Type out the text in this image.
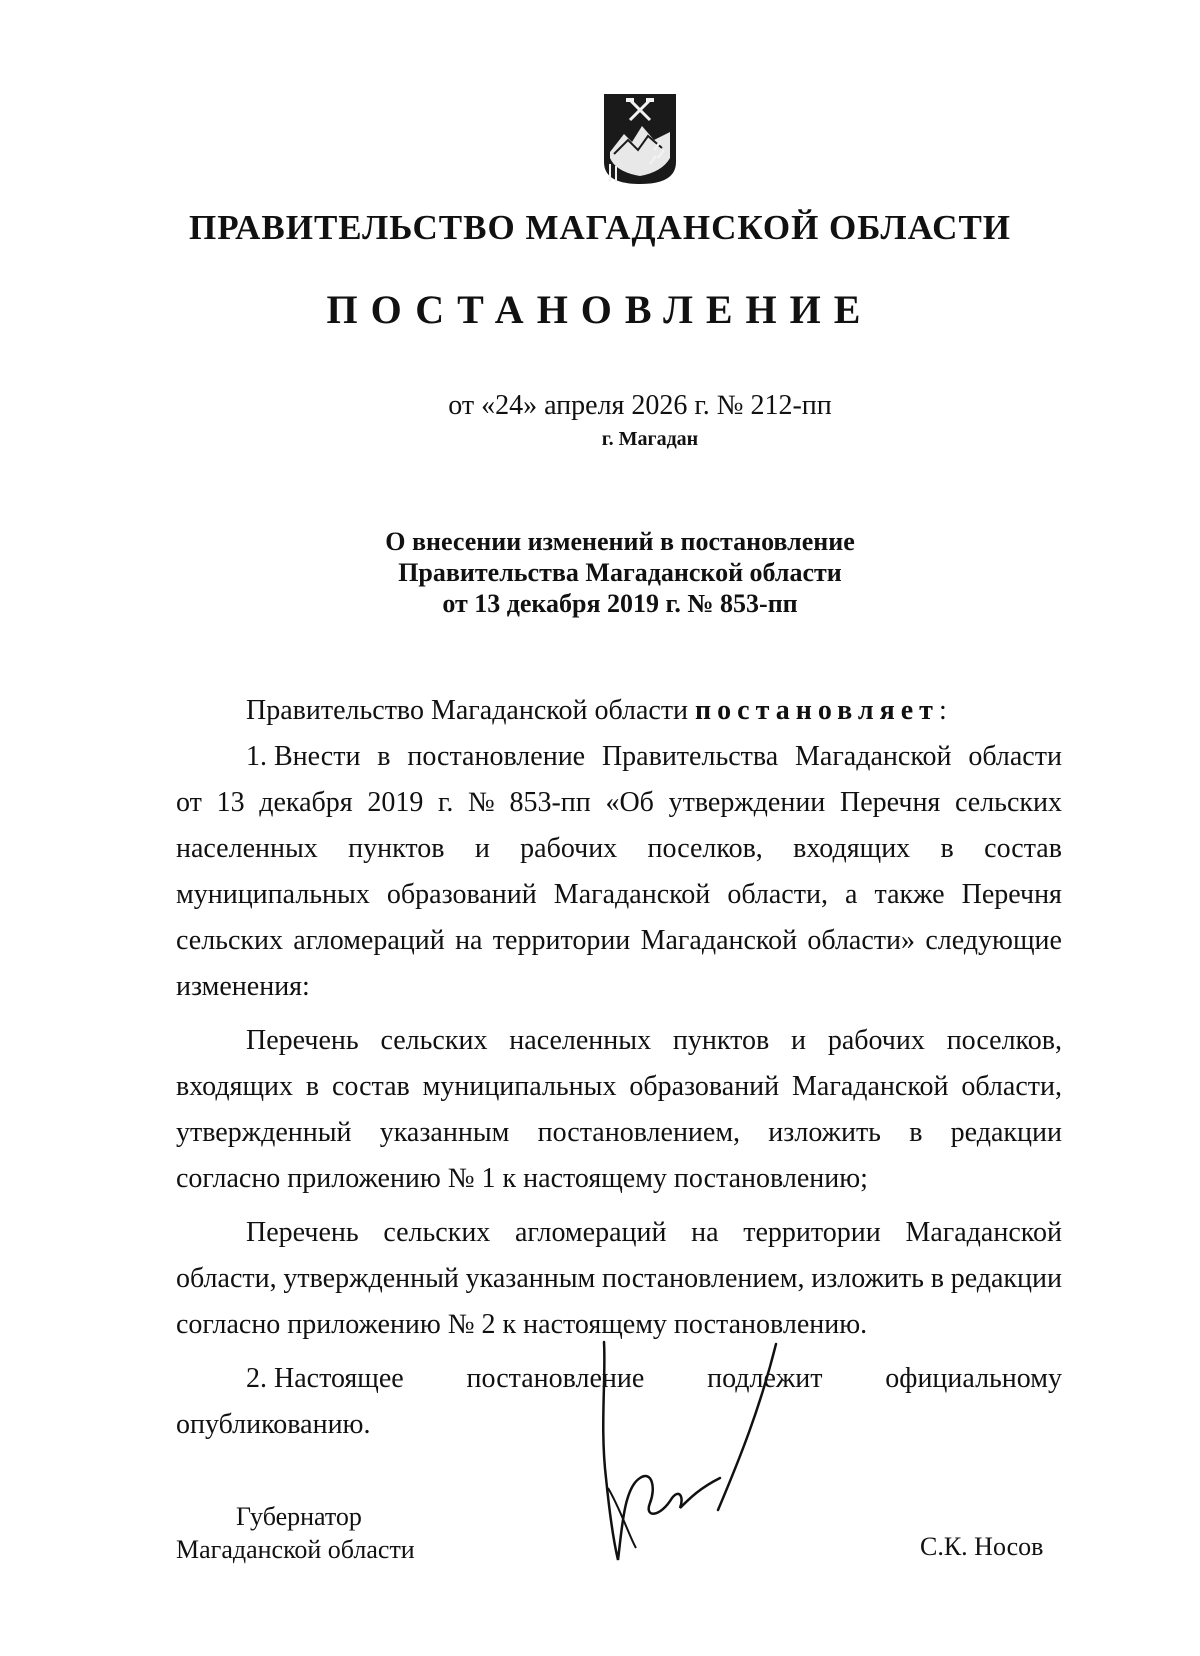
ПРАВИТЕЛЬСТВО МАГАДАНСКОЙ ОБЛАСТИ
ПОСТАНОВЛЕНИЕ
от «24» апреля 2026 г. № 212-пп
г. Магадан
О внесении изменений в постановление
Правительства Магаданской области
от 13 декабря 2019 г. № 853-пп
Правительство Магаданской области постановляет:
1. Внести в постановление Правительства Магаданской области
от 13 декабря 2019 г. № 853-пп «Об утверждении Перечня сельских
населенных пунктов и рабочих поселков, входящих в состав
муниципальных образований Магаданской области, а также Перечня
сельских агломераций на территории Магаданской области» следующие
изменения:
Перечень сельских населенных пунктов и рабочих поселков,
входящих в состав муниципальных образований Магаданской области,
утвержденный указанным постановлением, изложить в редакции
согласно приложению № 1 к настоящему постановлению;
Перечень сельских агломераций на территории Магаданской
области, утвержденный указанным постановлением, изложить в редакции
согласно приложению № 2 к настоящему постановлению.
2. Настоящее постановление подлежит официальному
опубликованию.
Губернатор
Магаданской области	С.К. Носов
